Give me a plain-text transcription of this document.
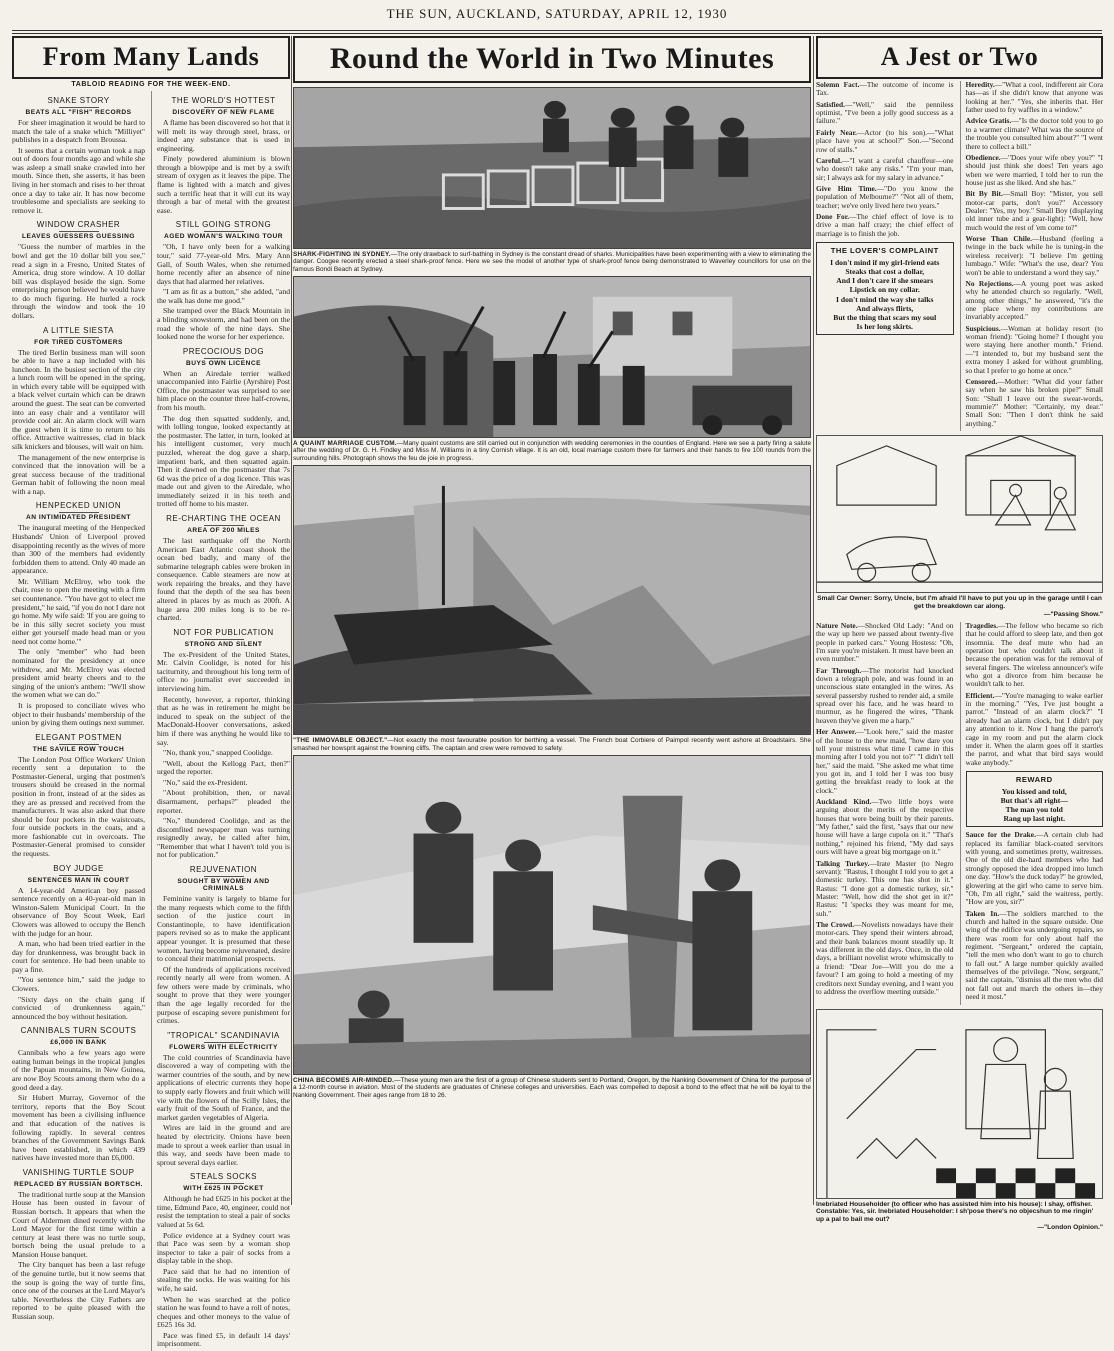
THE SUN, AUCKLAND, SATURDAY, APRIL 12, 1930
From Many Lands
TABLOID READING FOR THE WEEK-END.
SNAKE STORY
BEATS ALL "FISH" RECORDS

For sheer imagination it would be hard to match the tale of a snake which "Milliyet" publishes in a despatch from Broussa.

It seems that a certain woman took a nap out of doors four months ago and while she was asleep a small snake crawled into her mouth. Since then, she asserts, it has been living in her stomach and rises to her throat once a day to take air. It has now become troublesome and specialists are seeking to remove it.

WINDOW CRASHER
LEAVES GUESSERS GUESSING

"Guess the number of marbles in the bowl and get the 10 dollar bill you see," read a sign in a Fresno, United States of America, drug store window. A 10 dollar bill was displayed beside the sign. Some enterprising person believed he would have to do much figuring. He hurled a rock through the window and took the 10 dollars.

A LITTLE SIESTA
FOR TIRED CUSTOMERS

The tired Berlin business man will soon be able to have a nap included with his luncheon. In the busiest section of the city a lunch room will be opened in the spring, in which every table will be equipped with a black velvet curtain which can be drawn around the guest. The seat can be converted into an easy chair and a ventilator will provide cool air. An alarm clock will warn the guest when it is time to return to his office. Attractive waitresses, clad in black silk knickers and blouses, will wait on him.

The management of the new enterprise is convinced that the innovation will be a great success because of the traditional German habit of following the noon meal with a nap.

HENPECKED UNION
AN INTIMIDATED PRESIDENT

The inaugural meeting of the Henpecked Husbands' Union of Liverpool proved disappointing recently as the wives of more than 300 of the members had evidently forbidden them to attend. Only 40 made an appearance.

Mr. William McElroy, who took the chair, rose to open the meeting with a firm set countenance. "You have got to elect me president," he said, "if you do not I dare not go home. My wife said: 'If you are going to be in this silly secret society you must either get yourself made head man or you need not come home.'"

The only "member" who had been nominated for the presidency at once withdrew, and Mr. McElroy was elected president amid hearty cheers and to the singing of the union's anthem: "We'll show the women what we can do."

It is proposed to conciliate wives who object to their husbands' membership of the union by giving them outings next summer.

ELEGANT POSTMEN
THE SAVILE ROW TOUCH

The London Post Office Workers' Union recently sent a deputation to the Postmaster-General, urging that postmen's trousers should be creased in the normal position in front, instead of at the sides as they are as pressed and received from the manufacturers. It was also asked that there should be four pockets in the waistcoats, four outside pockets in the coats, and a more fashionable cut in overcoats. The Postmaster-General promised to consider the requests.

BOY JUDGE
SENTENCES MAN IN COURT

A 14-year-old American boy passed sentence recently on a 40-year-old man in Winston-Salem Municipal Court. In the observance of Boy Scout Week, Earl Clowers was allowed to occupy the Bench with the judge for an hour.

A man, who had been tried earlier in the day for drunkenness, was brought back in court for sentence. He had been unable to pay a fine.

"You sentence him," said the judge to Clowers.

"Sixty days on the chain gang if convicted of drunkenness again," announced the boy without hesitation.

CANNIBALS TURN SCOUTS
£6,000 IN BANK

Cannibals who a few years ago were eating human beings in the tropical jungles of the Papuan mountains, in New Guinea, are now Boy Scouts among them who do a good deed a day.

Sir Hubert Murray, Governor of the territory, reports that the Boy Scout movement has been a civilising influence and that education of the natives is following rapidly. In several centres branches of the Government Savings Bank have been established, in which 439 natives have invested more than £6,000.

VANISHING TURTLE SOUP
REPLACED BY RUSSIAN BORTSCH.

The traditional turtle soup at the Mansion House has been ousted in favour of Russian bortsch. It appears that when the Court of Aldermen dined recently with the Lord Mayor for the first time within a century at least there was no turtle soup, bortsch being the usual prelude to a Mansion House banquet.

The City banquet has been a last refuge of the genuine turtle, but it now seems that the soup is going the way of turtle fins, once one of the courses at the Lord Mayor's table. Nevertheless the City Fathers are reported to be quite pleased with the Russian soup.

THE WORLD'S HOTTEST
DISCOVERY OF NEW FLAME

A flame has been discovered so hot that it will melt its way through steel, brass, or indeed any substance that is used in engineering.

Finely powdered aluminium is blown through a blowpipe and is met by a swift stream of oxygen as it leaves the pipe. The flame is lighted with a match and gives such a terrific heat that it will cut its way through a bar of metal with the greatest ease.

STILL GOING STRONG
AGED WOMAN'S WALKING TOUR

"Oh, I have only been for a walking tour," said 77-year-old Mrs. Mary Ann Gall, of South Wales, when she returned home recently after an absence of nine days that had alarmed her relatives.

"I am as fit as a button," she added, "and the walk has done me good."

She tramped over the Black Mountain in a blinding snowstorm, and had been on the road the whole of the nine days. She looked none the worse for her experience.

PRECOCIOUS DOG
BUYS OWN LICENCE

When an Airedale terrier walked unaccompanied into Fairlie (Ayrshire) Post Office, the postmaster was surprised to see him place on the counter three half-crowns, from his mouth.

The dog then squatted suddenly, and, with lolling tongue, looked expectantly at the postmaster. The latter, in turn, looked at his intelligent customer, very much puzzled, whereat the dog gave a sharp, impatient bark, and then squatted again. Then it dawned on the postmaster that 7s 6d was the price of a dog licence. This was made out and given to the Airedale, who immediately seized it in his teeth and trotted off home to his master.

RE-CHARTING THE OCEAN
AREA OF 200 MILES

The last earthquake off the North American East Atlantic coast shook the ocean bed badly, and many of the submarine telegraph cables were broken in consequence. Cable steamers are now at work repairing the breaks, and they have found that the depth of the sea has been altered in places by as much as 200ft. A huge area 200 miles long is to be re-charted.

NOT FOR PUBLICATION
STRONG AND SILENT

The ex-President of the United States, Mr. Calvin Coolidge, is noted for his taciturnity, and throughout his long term of office no journalist ever succeeded in interviewing him.

Recently, however, a reporter, thinking that as he was in retirement he might be induced to speak on the subject of the MacDonald-Hoover conversations, asked him if there was anything he would like to say.

"No, thank you," snapped Coolidge.

"Well, about the Kellogg Pact, then?" urged the reporter.

"No," said the ex-President.

"About prohibition, then, or naval disarmament, perhaps?" pleaded the reporter.

"No," thundered Coolidge, and as the discomfited newspaper man was turning resignedly away, he called after him, "Remember that what I haven't told you is not for publication."

REJUVENATION
SOUGHT BY WOMEN AND CRIMINALS

Feminine vanity is largely to blame for the many requests which come to the fifth section of the justice court in Constantinople, to have identification papers revised so as to make the applicant appear younger. It is presumed that these women, having become rejuvenated, desire to conceal their matrimonial prospects.

Of the hundreds of applications received recently nearly all were from women. A few others were made by criminals, who sought to prove that they were younger than the age legally recorded for the purpose of escaping severe punishment for crimes.

"TROPICAL" SCANDINAVIA
FLOWERS WITH ELECTRICITY

The cold countries of Scandinavia have discovered a way of competing with the warmer countries of the south, and by new applications of electric currents they hope to supply early flowers and fruit which will vie with the flowers of the Scilly Isles, the early fruit of the South of France, and the market garden vegetables of Algeria.

Wires are laid in the ground and are heated by electricity. Onions have been made to sprout a week earlier than usual in this way, and seeds have been made to sprout several days earlier.

STEALS SOCKS
WITH £625 IN POCKET

Although he had £625 in his pocket at the time, Edmund Pace, 40, engineer, could not resist the temptation to steal a pair of socks valued at 5s 6d.

Police evidence at a Sydney court was that Pace was seen by a woman shop inspector to take a pair of socks from a display table in the shop.

Pace said that he had no intention of stealing the socks. He was waiting for his wife, he said.

When he was searched at the police station he was found to have a roll of notes, cheques and other moneys to the value of £625 16s 3d.

Pace was fined £5, in default 14 days' imprisonment.

Round the World in Two Minutes
SHARK-FIGHTING IN SYDNEY.—The only drawback to surf-bathing in Sydney is the constant dread of sharks. Municipalities have been experimenting with a view to eliminating the danger. Coogee recently erected a steel shark-proof fence. Here we see the model of another type of shark-proof fence being demonstrated to Waverley councillors for use on the famous Bondi Beach at Sydney.
A QUAINT MARRIAGE CUSTOM.—Many quaint customs are still carried out in conjunction with wedding ceremonies in the counties of England. Here we see a party firing a salute after the wedding of Dr. G. H. Findley and Miss M. Williams in a tiny Cornish village. It is an old, local marriage custom there for farmers and their hands to fire 100 rounds from the surrounding hills. Photograph shows the feu de joie in progress.
"THE IMMOVABLE OBJECT."—Not exactly the most favourable position for berthing a vessel. The French boat Corbiere of Paimpol recently went ashore at Broadstairs. She smashed her bowsprit against the frowning cliffs. The captain and crew were removed to safety.
CHINA BECOMES AIR-MINDED.—These young men are the first of a group of Chinese students sent to Portland, Oregon, by the Nanking Government of China for the purpose of a 12-month course in aviation. Most of the students are graduates of Chinese colleges and universities. Each was compelled to deposit a bond to the effect that he will be loyal to the Nanking Government. Their ages range from 18 to 26.
A Jest or Two

Solemn Fact.—The outcome of income is Tax.

Satisfied.—"Well," said the penniless optimist, "I've been a jolly good success as a failure."

Fairly Near.—Actor (to his son).—"What place have you at school?" Son.—"Second row of stalls."

Careful.—"I want a careful chauffeur—one who doesn't take any risks." "I'm your man, sir; I always ask for my salary in advance."

Give Him Time.—"Do you know the population of Melbourne?" "Not all of them, teacher; we've only lived here two years."

Done For.—The chief effect of love is to drive a man half crazy; the chief effect of marriage is to finish the job.

THE LOVER'S COMPLAINT
I don't mind if my girl-friend eats
Steaks that cost a dollar,
And I don't care if she smears
Lipstick on my collar.
I don't mind the way she talks
And always flirts,
But the thing that scars my soul
Is her long skirts.

Heredity.—"What a cool, indifferent air Cora has—as if she didn't know that anyone was looking at her." "Yes, she inherits that. Her father used to fry waffles in a window."

Advice Gratis.—"Is the doctor told you to go to a warmer climate? What was the source of the trouble you consulted him about?" "I went there to collect a bill."

Obedience.—"Does your wife obey you?" "I should just think she does! Ten years ago when we were married, I told her to run the house just as she liked. And she has."

Bit By Bit.—Small Boy: "Mister, you sell motor-car parts, don't you?" Accessory Dealer: "Yes, my boy." Small Boy (displaying old inner tube and a gear-light): "Well, how much would the rest of 'em come to?"

Worse Than Chile.—Husband (feeling a twinge in the back while he is tuning-in the wireless receiver): "I believe I'm getting lumbago." Wife: "What's the use, dear? You won't be able to understand a word they say."

No Rejections.—A young poet was asked why he attended church so regularly. "Well, among other things," he answered, "it's the one place where my contributions are invariably accepted."

Suspicious.—Woman at holiday resort (to woman friend): "Going home? I thought you were staying here another month." Friend.—"I intended to, but my husband sent the extra money I asked for without grumbling, so that I prefer to go home at once."

Censored.—Mother: "What did your father say when he saw his broken pipe?" Small Son: "Shall I leave out the swear-words, mummie?" Mother: "Certainly, my dear." Small Son: "Then I don't think he said anything."

Small Car Owner: Sorry, Uncle, but I'm afraid I'll have to put you up in the garage until I can get the breakdown car along.
—"Passing Show."

Nature Note.—Shocked Old Lady: "And on the way up here we passed about twenty-five people in parked cars." Young Hostess: "Oh, I'm sure you're mistaken. It must have been an even number."

Far Through.—The motorist had knocked down a telegraph pole, and was found in an unconscious state entangled in the wires. As several passersby rushed to render aid, a smile spread over his face, and he was heard to murmur, as he fingered the wires, "Thank heaven they've given me a harp."

Her Answer.—"Look here," said the master of the house to the new maid, "how dare you tell your mistress what time I came in this morning after I told you not to?" "I didn't tell her," said the maid. "She asked me what time you got in, and I told her I was too busy getting the breakfast ready to look at the clock."

Auckland Kind.—Two little boys were arguing about the merits of the respective houses that were being built by their parents. "My father," said the first, "says that our new house will have a large cupola on it." "That's nothing," rejoined his friend, "My dad says ours will have a great big mortgage on it."

Talking Turkey.—Irate Master (to Negro servant): "Rastus, I thought I told you to get a domestic turkey. This one has shot in it." Rastus: "I done got a domestic turkey, sir." Master: "Well, how did the shot get in it?" Rastus: "I 'specks they was meant for me, suh."

The Crowd.—Novelists nowadays have their motor-cars. They spend their winters abroad, and their bank balances mount steadily up. It was different in the old days. Once, in the old days, a brilliant novelist wrote whimsically to a friend: "Dear Joe—Will you do me a favour? I am going to hold a meeting of my creditors next Sunday evening, and I want you to address the overflow meeting outside."

Tragedies.—The fellow who became so rich that he could afford to sleep late, and then got insomnia. The deaf mute who had an operation but who couldn't talk about it because the operation was for the removal of several fingers. The wireless announcer's wife who got a divorce from him because he wouldn't talk to her.

Efficient.—"You're managing to wake earlier in the morning." "Yes, I've just bought a parrot." "Instead of an alarm clock?" "I already had an alarm clock, but I didn't pay any attention to it. Now I hang the parrot's cage in my room and put the alarm clock under it. When the alarm goes off it startles the parrot, and what that bird says would wake anybody."

REWARD
You kissed and told,
But that's all right—
The man you told
Rang up last night.

Sauce for the Drake.—A certain club had replaced its familiar black-coated servitors with young, and sometimes pretty, waitresses. One of the old die-hard members who had strongly opposed the idea dropped into lunch one day. "How's the duck today?" he growled, glowering at the girl who came to serve him. "Oh, I'm all right," said the waitress, pertly. "How are you, sir?"

Taken In.—The soldiers marched to the church and halted in the square outside. One wing of the edifice was undergoing repairs, so there was room for only about half the regiment. "Sergeant," ordered the captain, "tell the men who don't want to go to church to fall out." A large number quickly availed themselves of the privilege. "Now, sergeant," said the captain, "dismiss all the men who did not fall out and march the others in—they need it most."

Inebriated Householder (to officer who has assisted him into his house): I shay, offisher. Constable: Yes, sir. Inebriated Householder: I sh'pose there's no objecshun to me ringin' up a pal to bail me out?
—"London Opinion."
